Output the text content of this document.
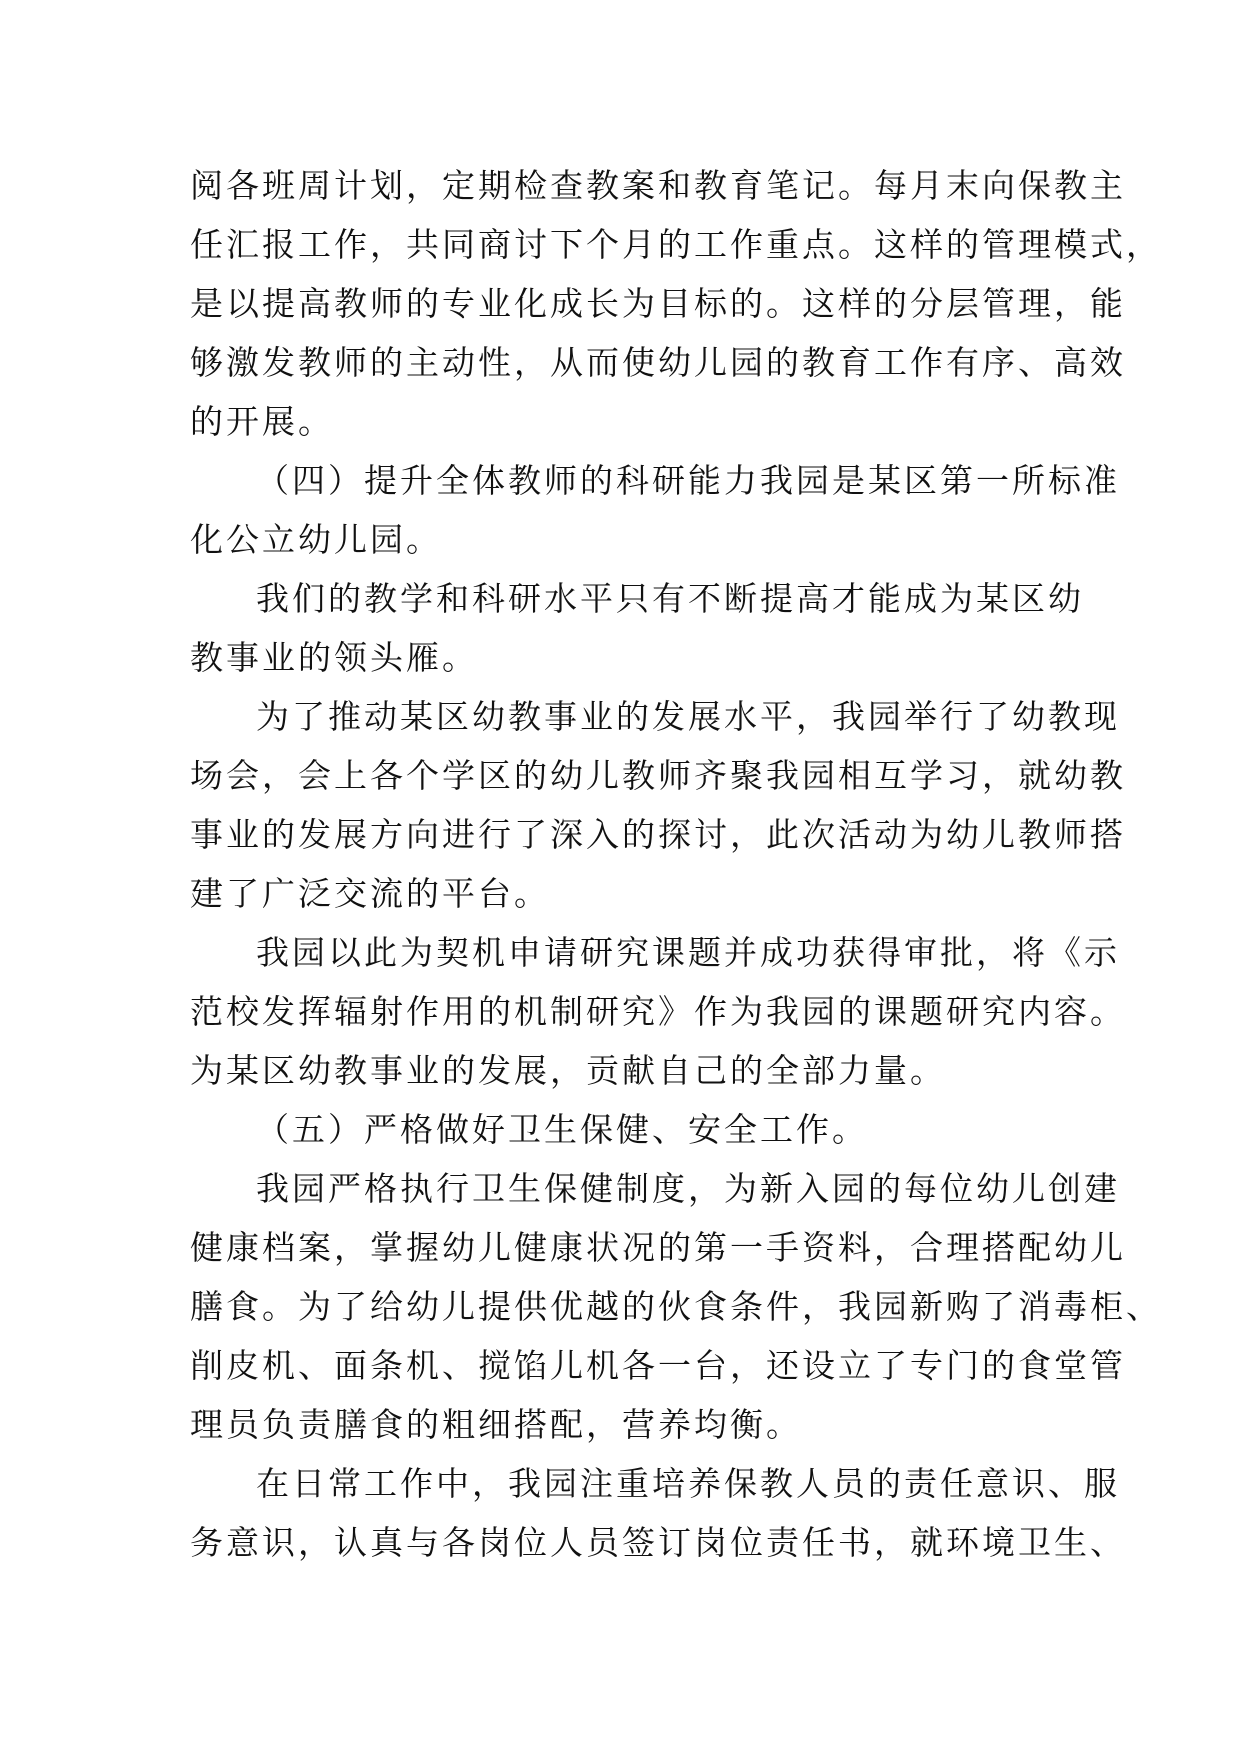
阅各班周计划，定期检查教案和教育笔记。每月末向保教主
任汇报工作，共同商讨下个月的工作重点。这样的管理模式，
是以提高教师的专业化成长为目标的。这样的分层管理，能
够激发教师的主动性，从而使幼儿园的教育工作有序、高效
的开展。
（四）提升全体教师的科研能力我园是某区第一所标准
化公立幼儿园。
我们的教学和科研水平只有不断提高才能成为某区幼
教事业的领头雁。
为了推动某区幼教事业的发展水平，我园举行了幼教现
场会，会上各个学区的幼儿教师齐聚我园相互学习，就幼教
事业的发展方向进行了深入的探讨，此次活动为幼儿教师搭
建了广泛交流的平台。
我园以此为契机申请研究课题并成功获得审批，将《示
范校发挥辐射作用的机制研究》作为我园的课题研究内容。
为某区幼教事业的发展，贡献自己的全部力量。
（五）严格做好卫生保健、安全工作。
我园严格执行卫生保健制度，为新入园的每位幼儿创建
健康档案，掌握幼儿健康状况的第一手资料，合理搭配幼儿
膳食。为了给幼儿提供优越的伙食条件，我园新购了消毒柜、
削皮机、面条机、搅馅儿机各一台，还设立了专门的食堂管
理员负责膳食的粗细搭配，营养均衡。
在日常工作中，我园注重培养保教人员的责任意识、服
务意识，认真与各岗位人员签订岗位责任书，就环境卫生、
